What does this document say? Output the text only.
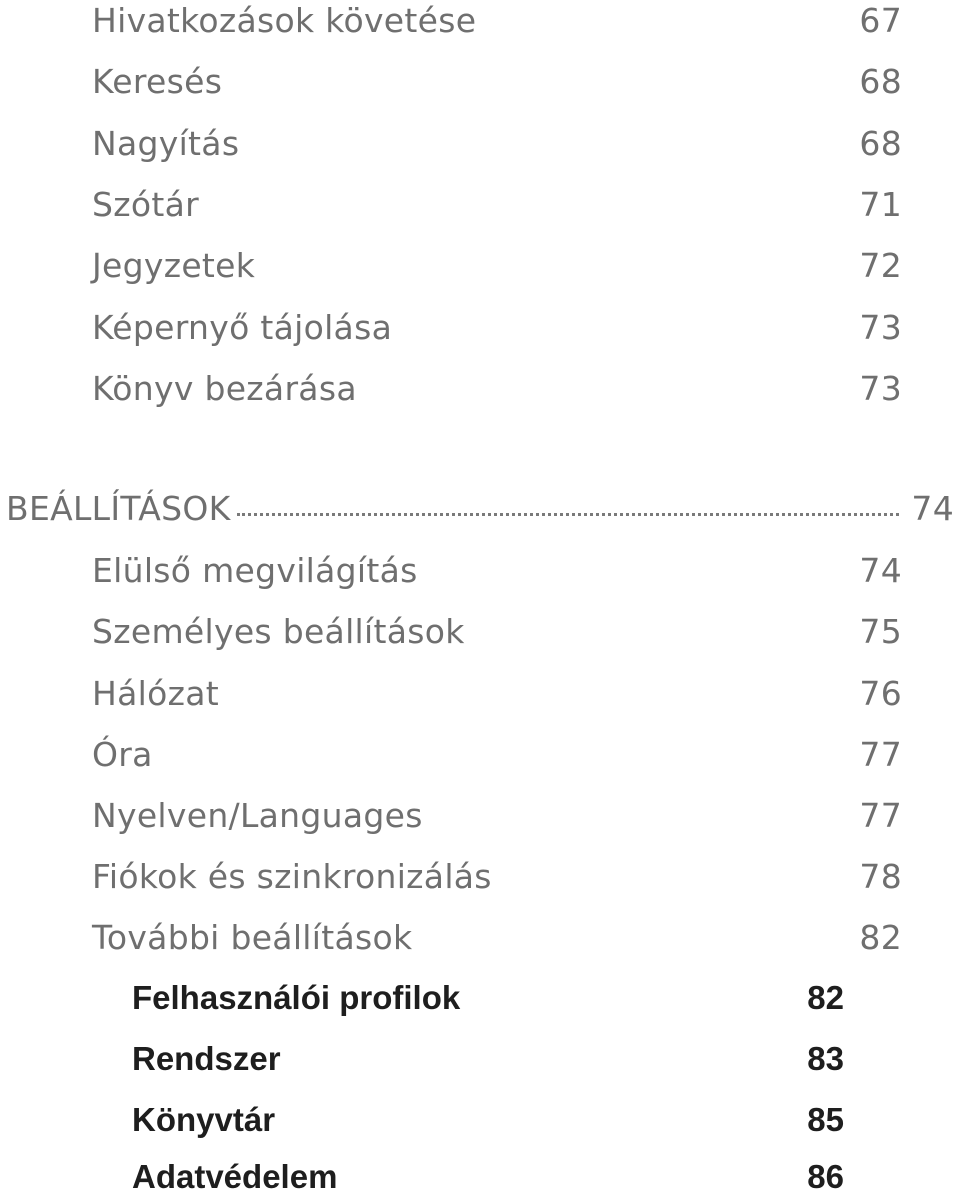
Hivatkozások követése	67
Keresés	68
Nagyítás	68
Szótár	71
Jegyzetek	72
Képernyő tájolása	73
Könyv bezárása	73
BEÁLLÍTÁSOK	74
Elülső megvilágítás	74
Személyes beállítások	75
Hálózat	76
Óra	77
Nyelven/Languages	77
Fiókok és szinkronizálás	78
További beállítások	82
Felhasználói profilok	82
Rendszer	83
Könyvtár	85
Adatvédelem	86
